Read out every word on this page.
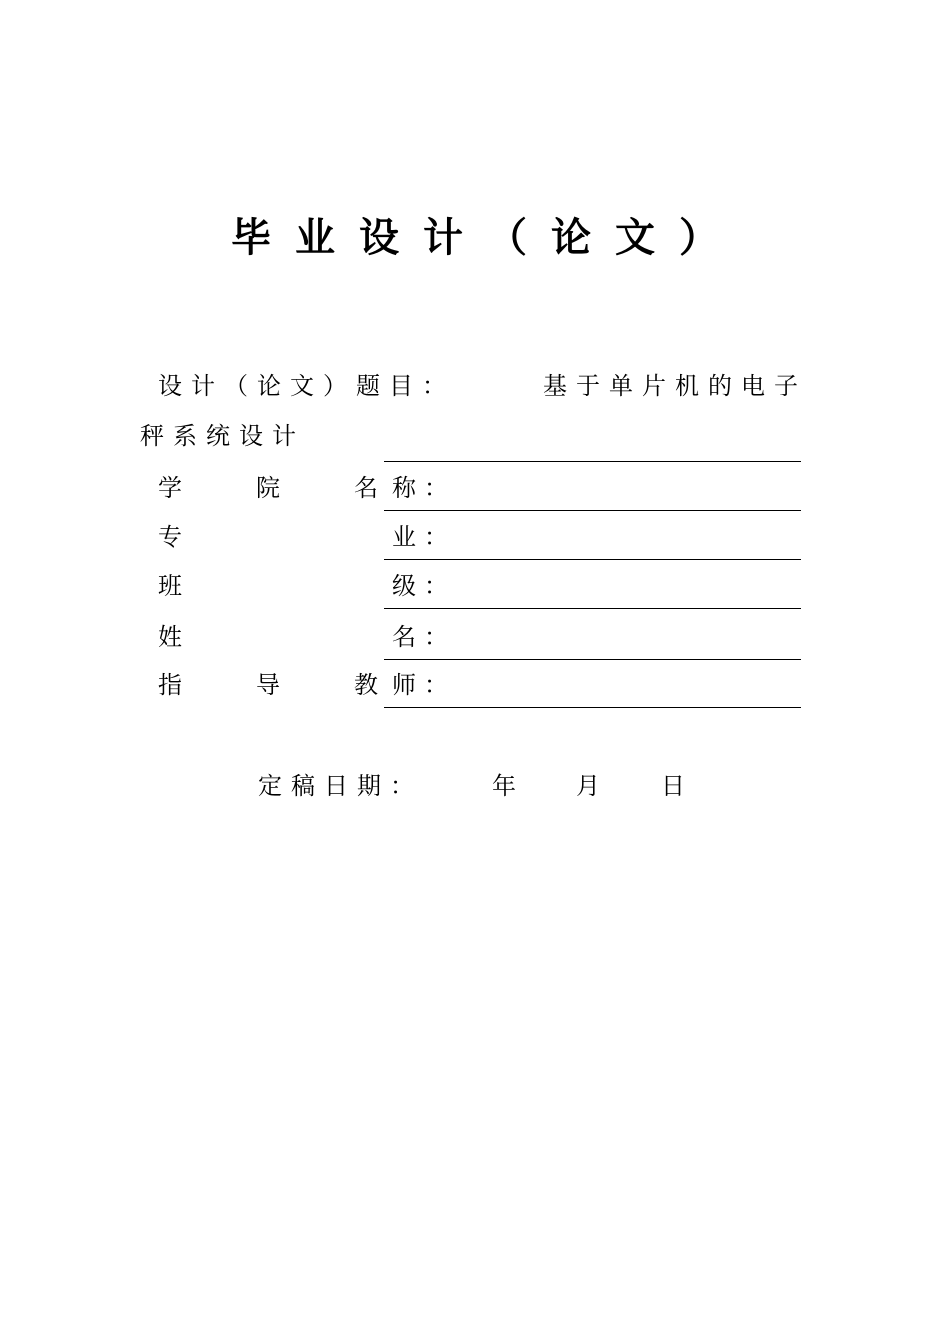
毕业设计（论文）
设计（论文）题目：	基于单片机的电子
秤系统设计
学	院	名 称：
专	业：
班	级：
姓	名：
指	导	教 师：
定稿日期：	年	月	日
